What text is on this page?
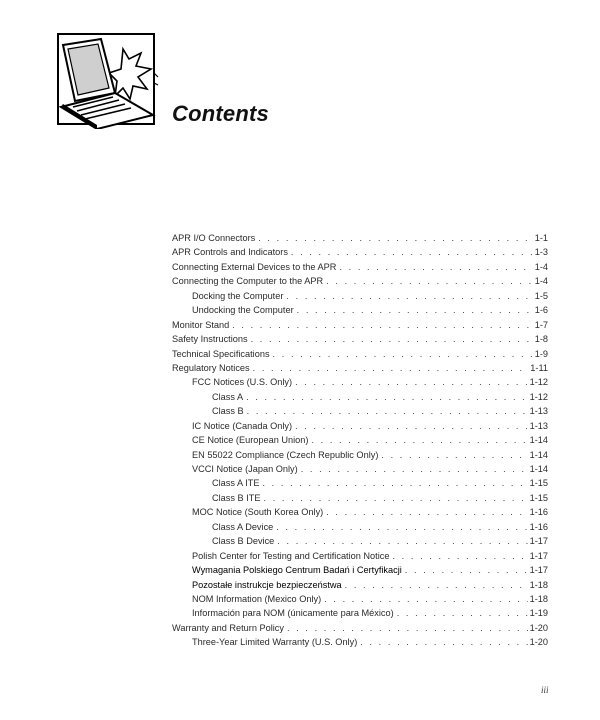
Contents
APR I/O Connectors . . .	1-1
APR Controls and Indicators . . .	1-3
Connecting External Devices to the APR . . .	1-4
Connecting the Computer to the APR . . .	1-4
Docking the Computer . . .	1-5
Undocking the Computer . . .	1-6
Monitor Stand . . .	1-7
Safety Instructions . . .	1-8
Technical Specifications . . .	1-9
Regulatory Notices . . .	1-11
FCC Notices (U.S. Only) . . .	1-12
Class A . . .	1-12
Class B . . .	1-13
IC Notice (Canada Only) . . .	1-13
CE Notice (European Union) . . .	1-14
EN 55022 Compliance (Czech Republic Only) . . .	1-14
VCCI Notice (Japan Only) . . .	1-14
Class A ITE . . .	1-15
Class B ITE . . .	1-15
MOC Notice (South Korea Only) . . .	1-16
Class A Device . . .	1-16
Class B Device . . .	1-17
Polish Center for Testing and Certification Notice . . .	1-17
Wymagania Polskiego Centrum Badań i Certyfikacji . . .	1-17
Pozostałe instrukcje bezpieczeństwa . . .	1-18
NOM Information (Mexico Only) . . .	1-18
Información para NOM (únicamente para México) . . .	1-19
Warranty and Return Policy . . .	1-20
Three-Year Limited Warranty (U.S. Only) . . .	1-20
iii
